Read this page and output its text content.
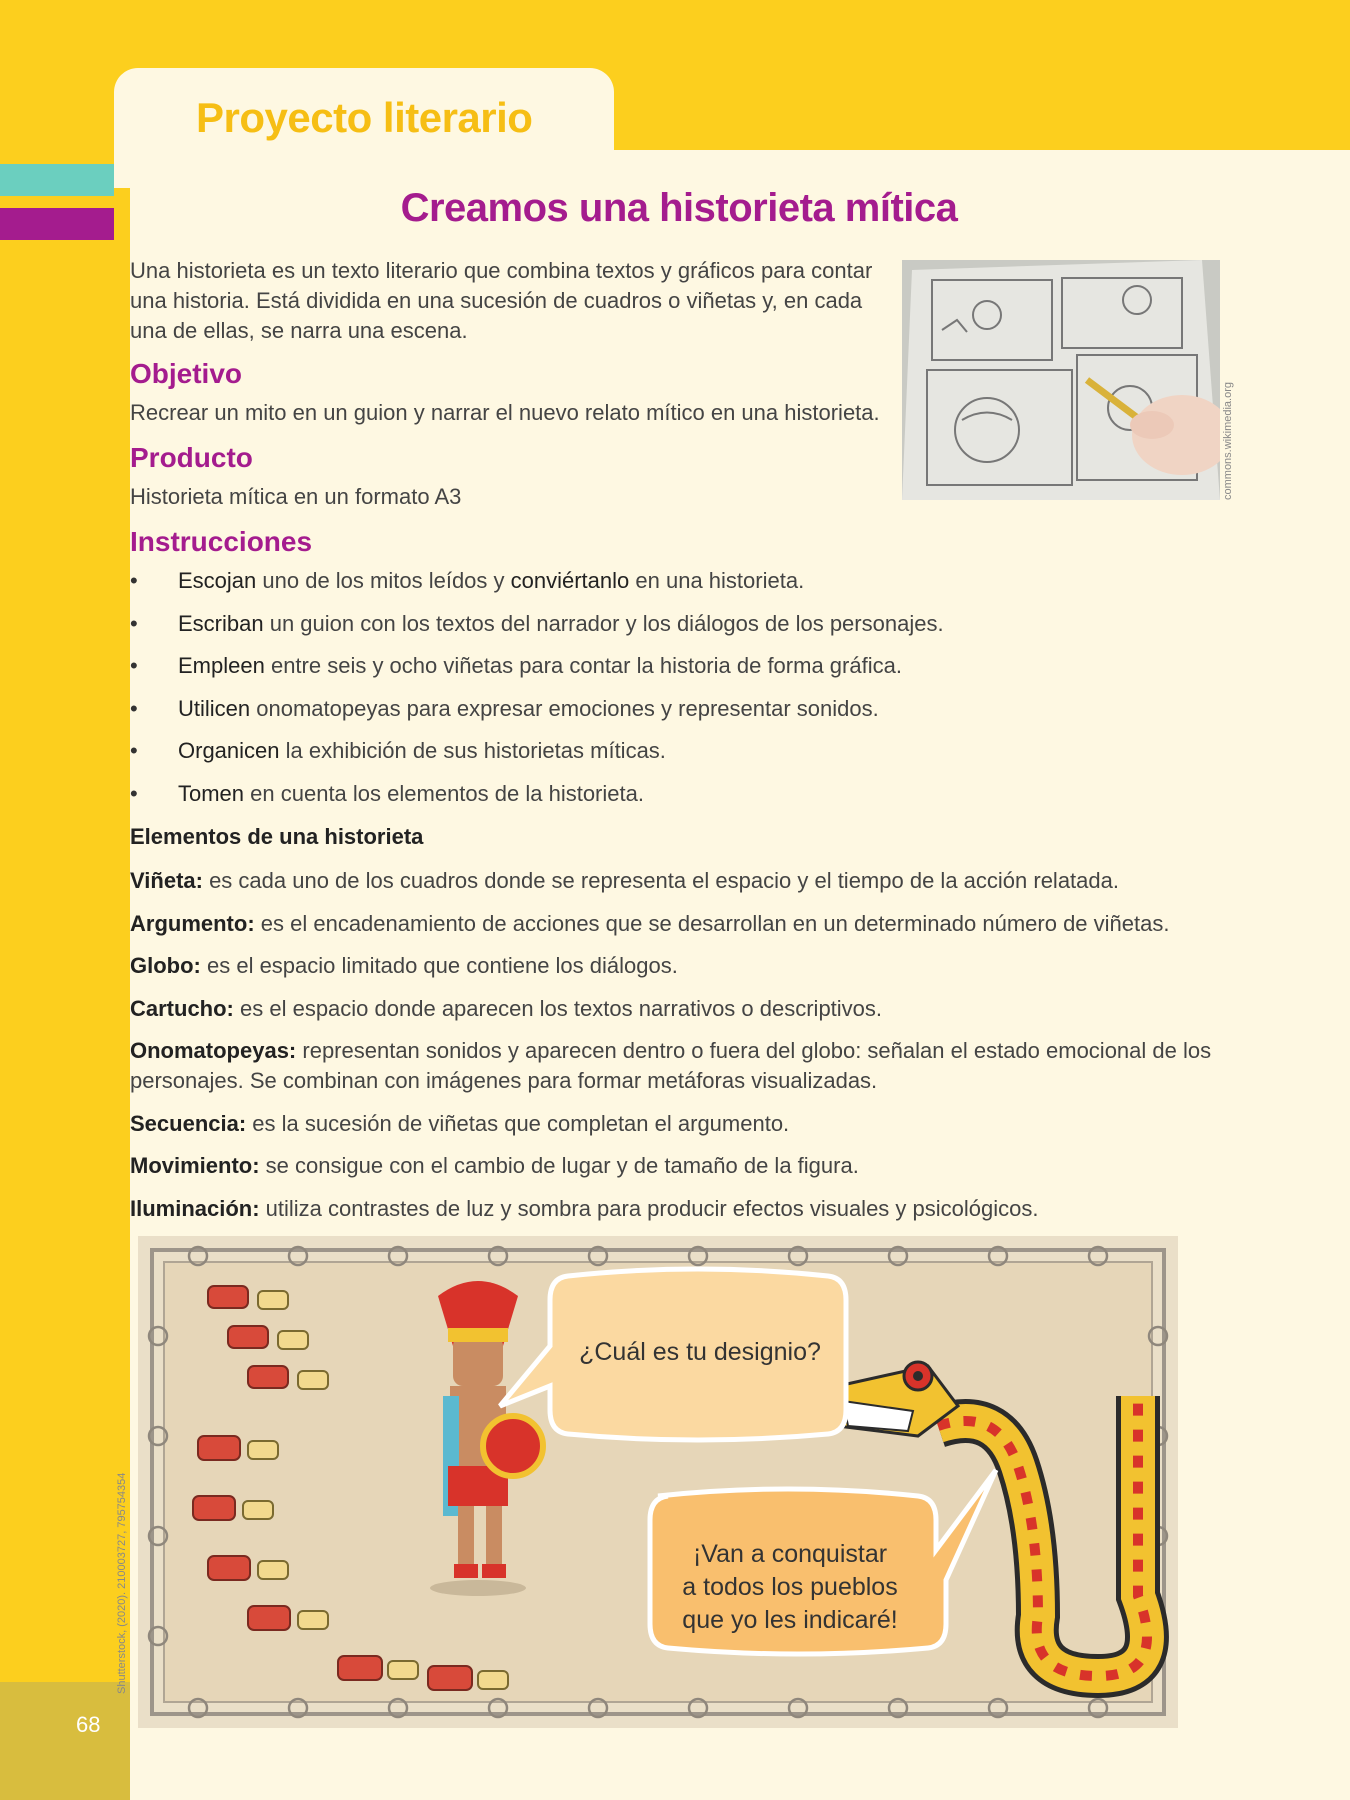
Proyecto literario
68
Creamos una historieta mítica

Una historieta es un texto literario que combina textos y gráficos para contar una historia. Está dividida en una sucesión de cuadros o viñetas y, en cada una de ellas, se narra una escena.

Objetivo

Recrear un mito en un guion y narrar el nuevo relato mítico en una historieta.

Producto

Historieta mítica en un formato A3	commons.wikimedia.org
Instrucciones
• Escojan uno de los mitos leídos y conviértanlo en una historieta.
• Escriban un guion con los textos del narrador y los diálogos de los personajes.
• Empleen entre seis y ocho viñetas para contar la historia de forma gráfica.
• Utilicen onomatopeyas para expresar emociones y representar sonidos.
• Organicen la exhibición de sus historietas míticas.
• Tomen en cuenta los elementos de la historieta.
Elementos de una historieta

Viñeta: es cada uno de los cuadros donde se representa el espacio y el tiempo de la acción relatada.

Argumento: es el encadenamiento de acciones que se desarrollan en un determinado número de viñetas.

Globo: es el espacio limitado que contiene los diálogos.

Cartucho: es el espacio donde aparecen los textos narrativos o descriptivos.

Onomatopeyas: representan sonidos y aparecen dentro o fuera del globo: señalan el estado emocional de los personajes. Se combinan con imágenes para formar metáforas visualizadas.

Secuencia: es la sucesión de viñetas que completan el argumento.

Movimiento: se consigue con el cambio de lugar y de tamaño de la figura.

Iluminación: utiliza contrastes de luz y sombra para producir efectos visuales y psicológicos.

¿Cuál es tu designio?
¡Van a conquistar
a todos los pueblos
que yo les indicaré!
Shutterstock, (2020). 210003727, 795754354
